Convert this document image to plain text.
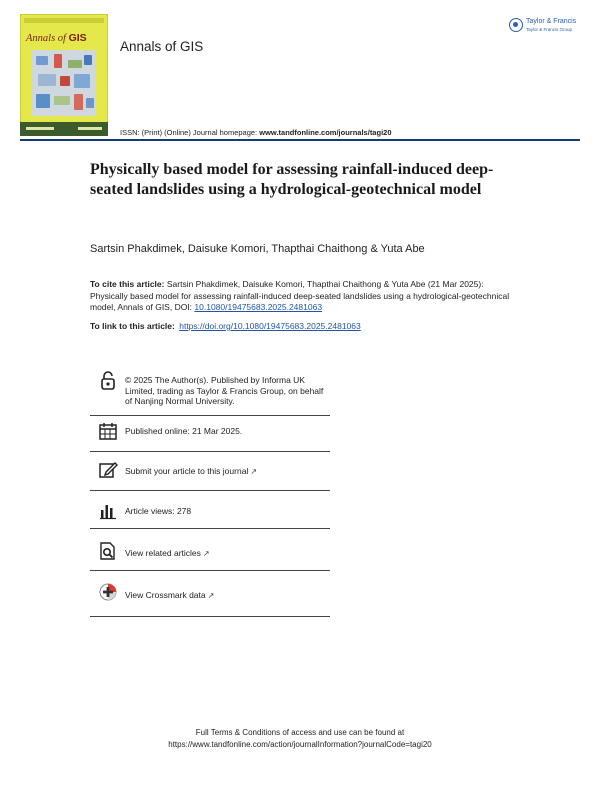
Annals of GIS
Annals of GIS
Taylor & Francis
Taylor & Francis Group
ISSN: (Print) (Online) Journal homepage: www.tandfonline.com/journals/tagi20
Physically based model for assessing rainfall-induced deep-seated landslides using a hydrological-geotechnical model
Sartsin Phakdimek, Daisuke Komori, Thapthai Chaithong & Yuta Abe
To cite this article: Sartsin Phakdimek, Daisuke Komori, Thapthai Chaithong & Yuta Abe (21 Mar 2025): Physically based model for assessing rainfall-induced deep-seated landslides using a hydrological-geotechnical model, Annals of GIS, DOI: 10.1080/19475683.2025.2481063
To link to this article: https://doi.org/10.1080/19475683.2025.2481063
© 2025 The Author(s). Published by Informa UK Limited, trading as Taylor & Francis Group, on behalf of Nanjing Normal University.
Published online: 21 Mar 2025.
Submit your article to this journal ↗
Article views: 278
View related articles ↗
View Crossmark data ↗
Full Terms & Conditions of access and use can be found at
https://www.tandfonline.com/action/journalInformation?journalCode=tagi20
